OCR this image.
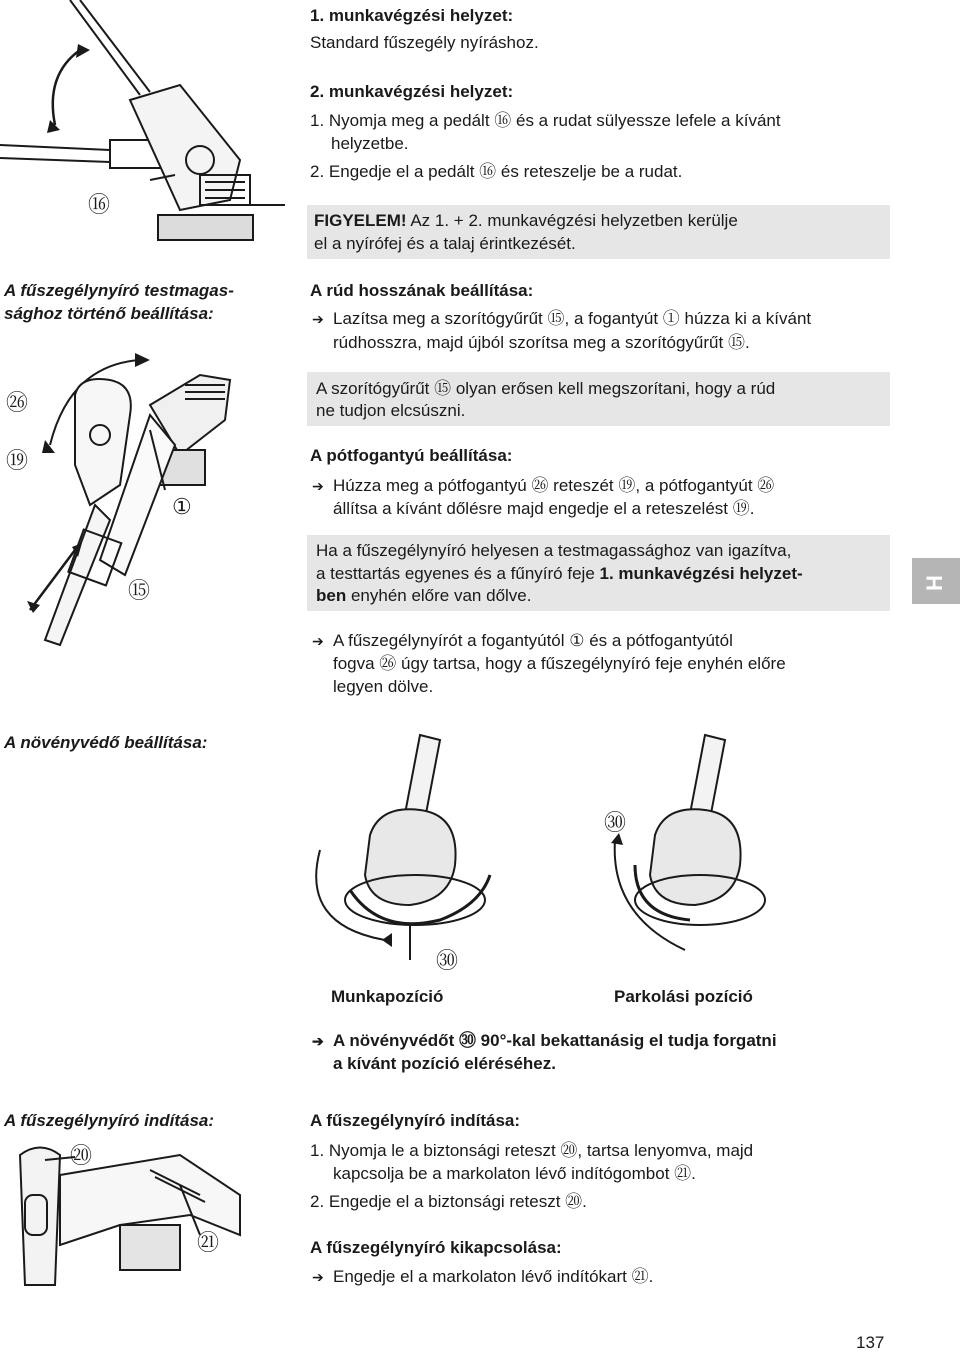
⑯
1. munkavégzési helyzet:
Standard fűszegély nyíráshoz.
2. munkavégzési helyzet:
1. Nyomja meg a pedált ⑯ és a rudat sülyessze lefele a kívánt
helyzetbe.
2. Engedje el a pedált ⑯ és reteszelje be a rudat.
FIGYELEM! Az 1. + 2. munkavégzési helyzetben kerülje
el a nyírófej és a talaj érintkezését.
A fűszegélynyíró testmagas-
sághoz történő beállítása:
A rúd hosszának beállítása:
➔ Lazítsa meg a szorítógyűrűt ⑮, a fogantyút ① húzza ki a kívánt
rúdhosszra, majd újból szorítsa meg a szorítógyűrűt ⑮.
A szorítógyűrűt ⑮ olyan erősen kell megszorítani, hogy a rúd
ne tudjon elcsúszni.
A pótfogantyú beállítása:
➔ Húzza meg a pótfogantyú ㉖ reteszét ⑲, a pótfogantyút ㉖
állítsa a kívánt dőlésre majd engedje el a reteszelést ⑲.
Ha a fűszegélynyíró helyesen a testmagassághoz van igazítva,
a testtartás egyenes és a fűnyíró feje 1. munkavégzési helyzet-
ben enyhén előre van dőlve.
H
➔ A fűszegélynyírót a fogantyútól ① és a pótfogantyútól
fogva ㉖ úgy tartsa, hogy a fűszegélynyíró feje enyhén előre
legyen dölve.
㉖
⑲
①
⑮
A növényvédő beállítása:
㉚
㉚
Munkapozíció	Parkolási pozíció
➔ A növényvédőt ㉚ 90°-kal bekattanásig el tudja forgatni
a kívánt pozíció eléréséhez.
A fűszegélynyíró indítása:
⑳
㉑
A fűszegélynyíró indítása:
1. Nyomja le a biztonsági reteszt ⑳, tartsa lenyomva, majd
kapcsolja be a markolaton lévő indítógombot ㉑.
2. Engedje el a biztonsági reteszt ⑳.
A fűszegélynyíró kikapcsolása:
➔ Engedje el a markolaton lévő indítókart ㉑.
137
